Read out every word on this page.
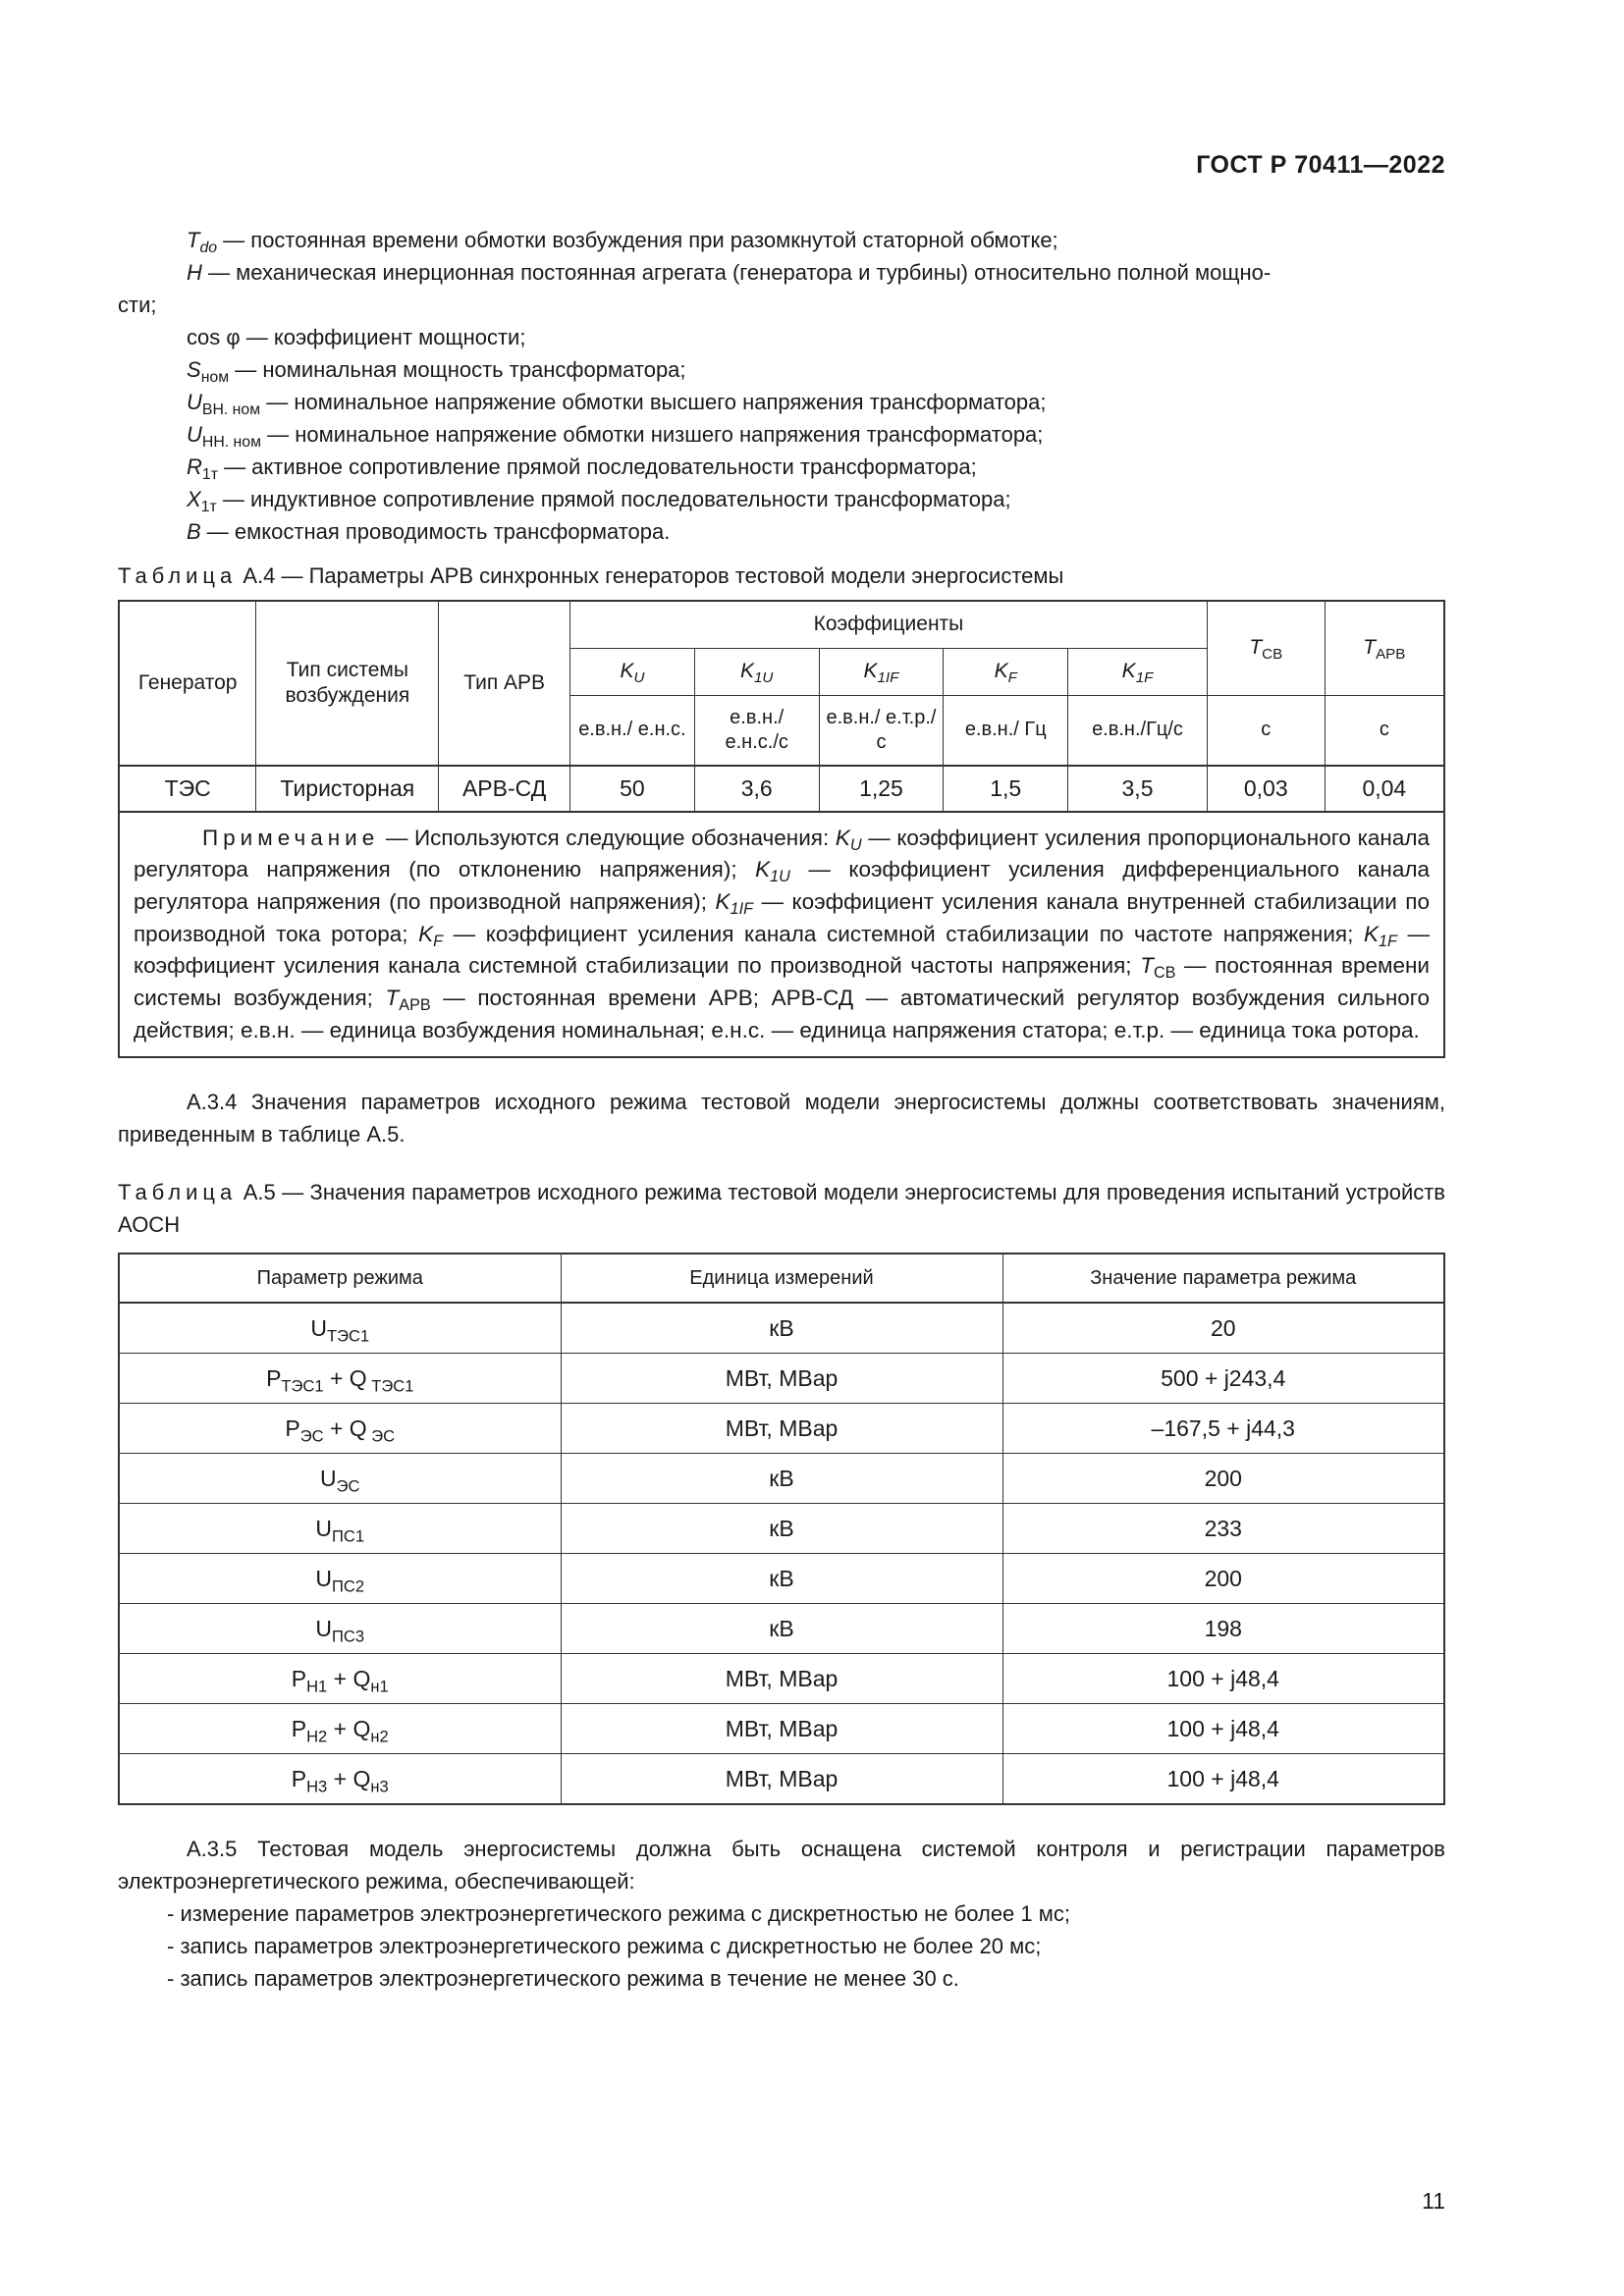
ГОСТ Р 70411—2022

$T_{do}$ — постоянная времени обмотки возбуждения при разомкнутой статорной обмотке;

H — механическая инерционная постоянная агрегата (генератора и турбины) относительно полной мощно-
сти;

cos φ — коэффициент мощности;

$S_{ном}$ — номинальная мощность трансформатора;

$U_{ВН. ном}$ — номинальное напряжение обмотки высшего напряжения трансформатора;

$U_{НН. ном}$ — номинальное напряжение обмотки низшего напряжения трансформатора;

$R_{1т}$ — активное сопротивление прямой последовательности трансформатора;

$X_{1т}$ — индуктивное сопротивление прямой последовательности трансформатора;

B — емкостная проводимость трансформатора.

Таблица А.4 — Параметры АРВ синхронных генераторов тестовой модели энергосистемы
Генератор	Тип системы возбуждения	Тип АРВ	Коэффициенты					$T_{СВ}$	$T_{АРВ}$
			$K_U$	$K_{1U}$	$K_{1IF}$	$K_F$	$K_{1F}$
			е.в.н./ е.н.с.	е.в.н./ е.н.с./с	е.в.н./ е.т.р./с	е.в.н./ Гц	е.в.н./Гц/с	с	с
ТЭС	Тиристорная	АРВ-СД	50	3,6	1,25	1,5	3,5	0,03	0,04
Примечание — Используются следующие обозначения: $K_U$ — коэффициент усиления пропорционального канала регулятора напряжения (по отклонению напряжения); $K_{1U}$ — коэффициент усиления дифференциального канала регулятора напряжения (по производной напряжения); $K_{1IF}$ — коэффициент усиления канала внутренней стабилизации по производной тока ротора; $K_F$ — коэффициент усиления канала системной стабилизации по частоте напряжения; $K_{1F}$ — коэффициент усиления канала системной стабилизации по производной частоты напряжения; $T_{СВ}$ — постоянная времени системы возбуждения; $T_{АРВ}$ — постоянная времени АРВ; АРВ-СД — автоматический регулятор возбуждения сильного действия; е.в.н. — единица возбуждения номинальная; е.н.с. — единица напряжения статора; е.т.р. — единица тока ротора.									

А.3.4 Значения параметров исходного режима тестовой модели энергосистемы должны соответствовать значениям, приведенным в таблице А.5.

Таблица А.5 — Значения параметров исходного режима тестовой модели энергосистемы для проведения испытаний устройств АОСН
Параметр режима	Единица измерений	Значение параметра режима
$U_{ТЭС1}$	кВ	20
$P_{ТЭС1} + Q$ $_{ТЭС1}$	МВт, МВар	500 + j243,4
$P_{ЭС} + Q$ $_{ЭС}$	МВт, МВар	–167,5 + j44,3
$U_{ЭС}$	кВ	200
$U_{ПС1}$	кВ	233
$U_{ПС2}$	кВ	200
$U_{ПС3}$	кВ	198
$P_{Н1} + Q_{н1}$	МВт, МВар	100 + j48,4
$P_{Н2} + Q_{н2}$	МВт, МВар	100 + j48,4
$P_{Н3} + Q_{н3}$	МВт, МВар	100 + j48,4

А.3.5 Тестовая модель энергосистемы должна быть оснащена системой контроля и регистрации параметров электроэнергетического режима, обеспечивающей:

- измерение параметров электроэнергетического режима с дискретностью не более 1 мс;
- запись параметров электроэнергетического режима с дискретностью не более 20 мс;
- запись параметров электроэнергетического режима в течение не менее 30 с.
11
